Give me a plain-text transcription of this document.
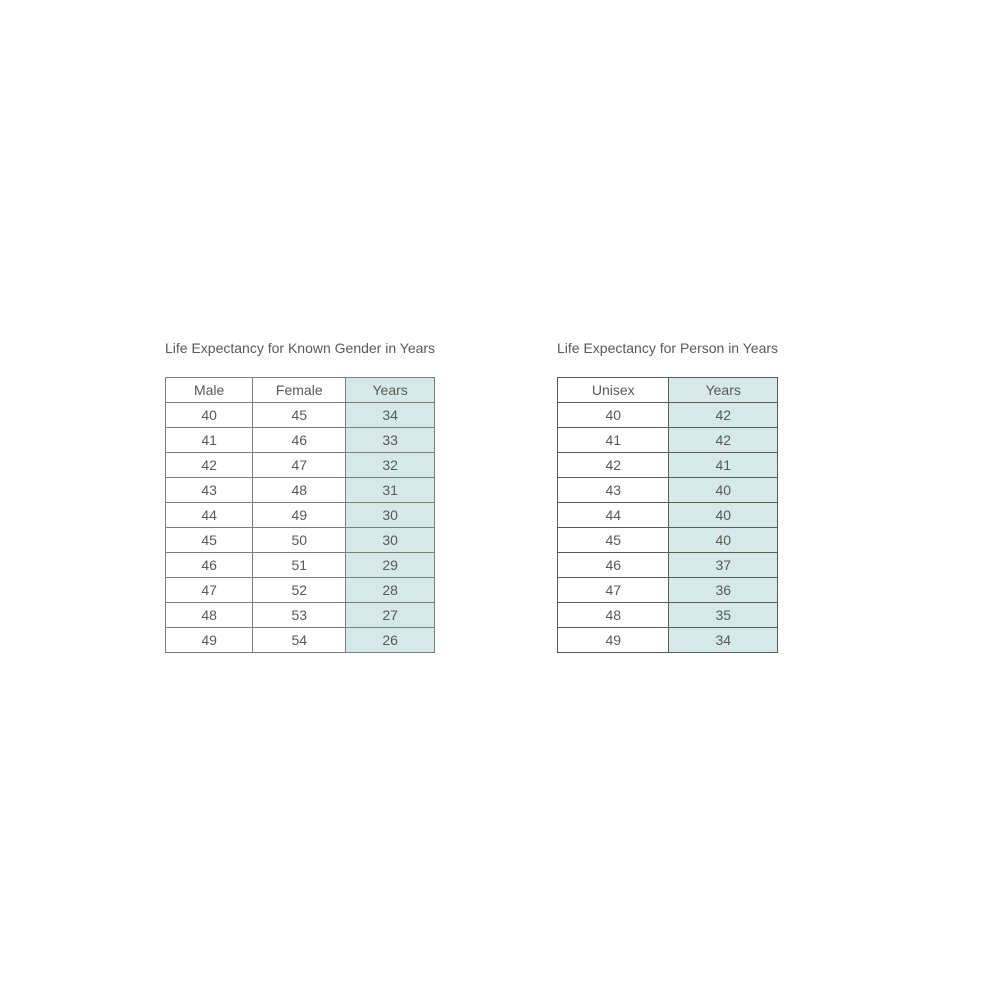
Life Expectancy for Known Gender in Years
Male	Female	Years
40	45	34
41	46	33
42	47	32
43	48	31
44	49	30
45	50	30
46	51	29
47	52	28
48	53	27
49	54	26
Life Expectancy for Person in Years
Unisex	Years
40	42
41	42
42	41
43	40
44	40
45	40
46	37
47	36
48	35
49	34
